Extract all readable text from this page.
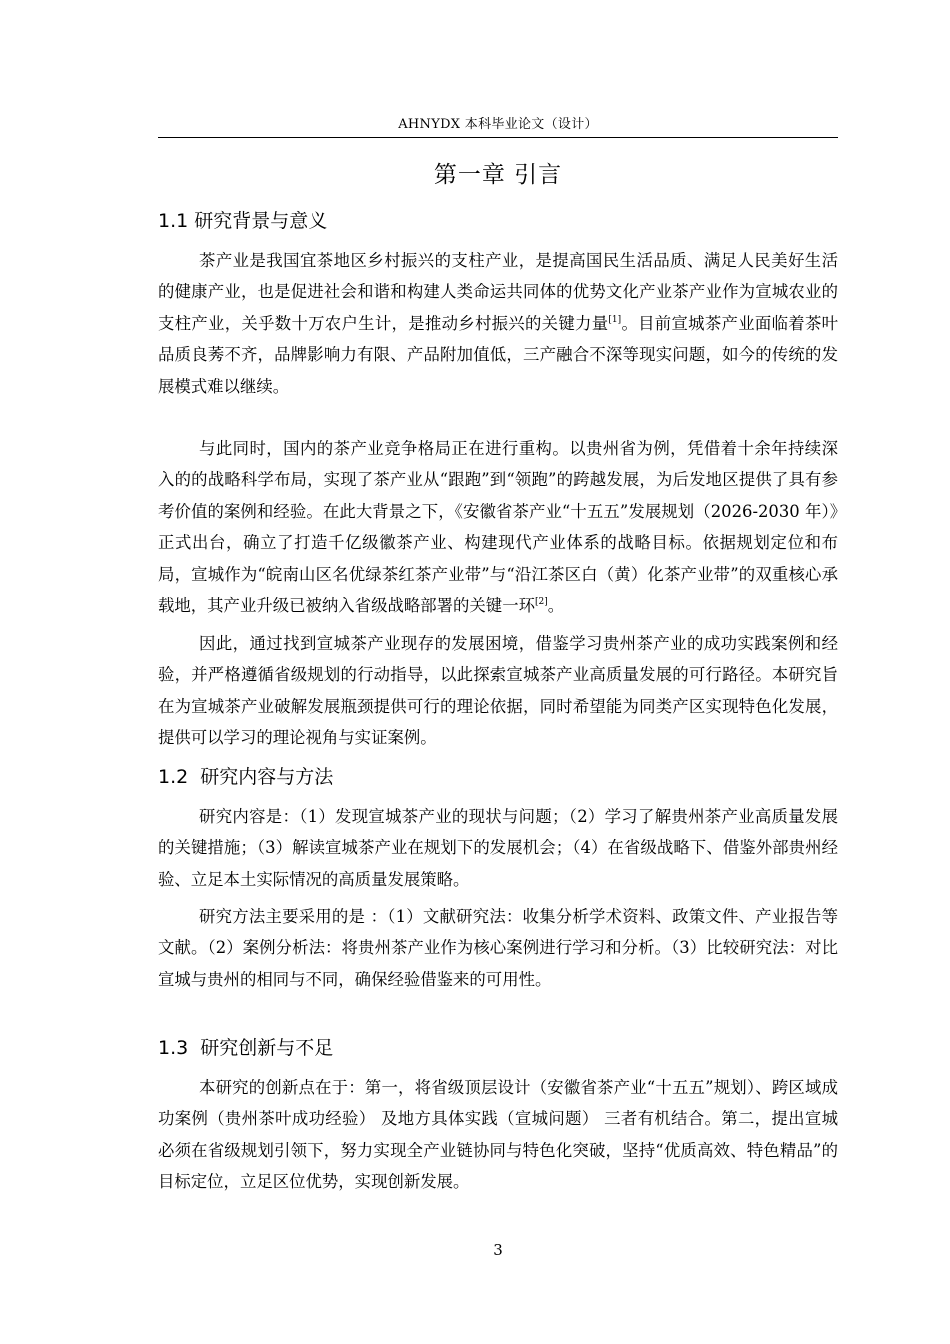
AHNYDX 本科毕业论文（设计）
第一章 引言
1.1 研究背景与意义

茶产业是我国宜茶地区乡村振兴的支柱产业，是提高国民生活品质、满足人民美好生活的健康产业，也是促进社会和谐和构建人类命运共同体的优势文化产业茶产业作为宣城农业的支柱产业，关乎数十万农户生计，是推动乡村振兴的关键力量[1]。目前宣城茶产业面临着茶叶品质良莠不齐，品牌影响力有限、产品附加值低，三产融合不深等现实问题，如今的传统的发展模式难以继续。

与此同时，国内的茶产业竞争格局正在进行重构。以贵州省为例，凭借着十余年持续深入的的战略科学布局，实现了茶产业从“跟跑”到“领跑”的跨越发展，为后发地区提供了具有参考价值的案例和经验。在此大背景之下，《安徽省茶产业“十五五”发展规划（2026-2030 年）》正式出台，确立了打造千亿级徽茶产业、构建现代产业体系的战略目标。依据规划定位和布局，宣城作为“皖南山区名优绿茶红茶产业带”与“沿江茶区白（黄）化茶产业带”的双重核心承载地，其产业升级已被纳入省级战略部署的关键一环[2]。

因此，通过找到宣城茶产业现存的发展困境，借鉴学习贵州茶产业的成功实践案例和经验，并严格遵循省级规划的行动指导，以此探索宣城茶产业高质量发展的可行路径。本研究旨在为宣城茶产业破解发展瓶颈提供可行的理论依据，同时希望能为同类产区实现特色化发展，提供可以学习的理论视角与实证案例。

1.2  研究内容与方法

研究内容是：（1）发现宣城茶产业的现状与问题；（2）学习了解贵州茶产业高质量发展的关键措施；（3）解读宣城茶产业在规划下的发展机会；（4）在省级战略下、借鉴外部贵州经验、立足本土实际情况的高质量发展策略。

研究方法主要采用的是 ：（1）文献研究法：收集分析学术资料、政策文件、产业报告等文献。（2）案例分析法：将贵州茶产业作为核心案例进行学习和分析。（3）比较研究法：对比宣城与贵州的相同与不同，确保经验借鉴来的可用性。

1.3  研究创新与不足

本研究的创新点在于：第一，将省级顶层设计（安徽省茶产业“十五五”规划）、跨区域成功案例（贵州茶叶成功经验） 及地方具体实践（宣城问题） 三者有机结合。第二，提出宣城必须在省级规划引领下，努力实现全产业链协同与特色化突破，坚持“优质高效、特色精品”的目标定位，立足区位优势，实现创新发展。

3
